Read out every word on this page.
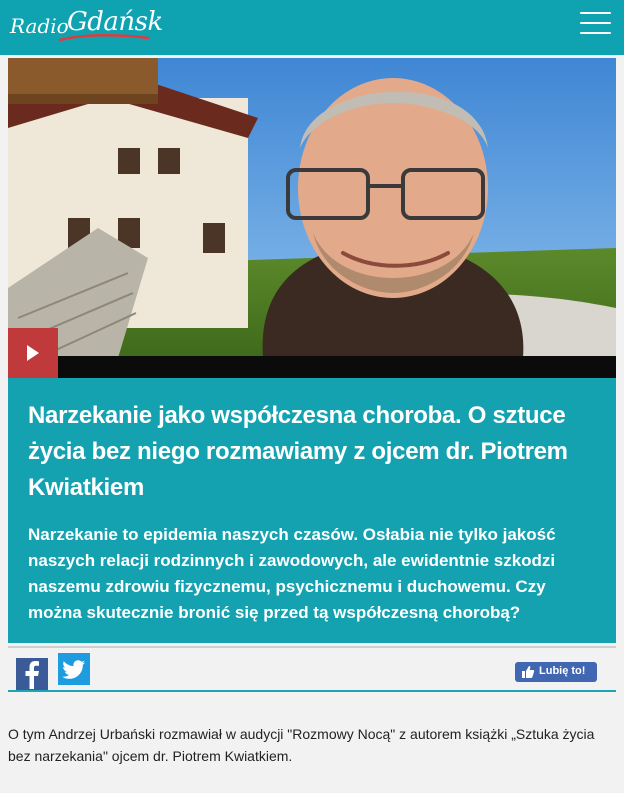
Radio
Gdańsk
Narzekanie jako współczesna choroba. O sztuce życia bez niego rozmawiamy z ojcem dr. Piotrem Kwiatkiem

Narzekanie to epidemia naszych czasów. Osłabia nie tylko jakość naszych relacji rodzinnych i zawodowych, ale ewidentnie szkodzi naszemu zdrowiu fizycznemu, psychicznemu i duchowemu. Czy można skutecznie bronić się przed tą współczesną chorobą?

Lubię to!

O tym Andrzej Urbański rozmawiał w audycji "Rozmowy Nocą" z autorem książki „Sztuka życia bez narzekania" ojcem dr. Piotrem Kwiatkiem.
